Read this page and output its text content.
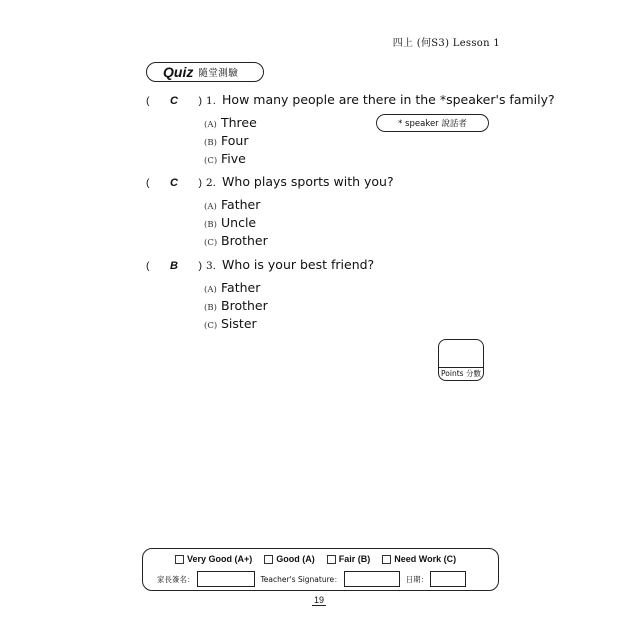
四上 (何S3) Lesson 1
Quiz 隨堂測驗
( C ) 1. How many people are there in the *speaker's family?
(A) Three
(B) Four
(C) Five
( C ) 2. Who plays sports with you?
(A) Father
(B) Uncle
(C) Brother
( B ) 3. Who is your best friend?
(A) Father
(B) Brother
(C) Sister
* speaker 說話者
Points 分數
Very Good (A+)	Good (A)	Fair (B)	Need Work (C)
家長簽名：	Teacher's Signature：	日期：
19
